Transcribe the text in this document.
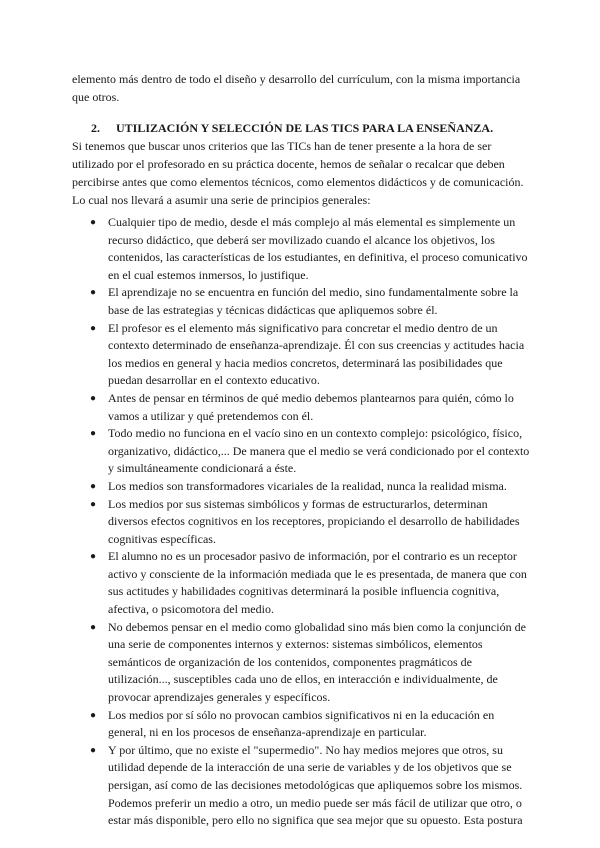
elemento más dentro de todo el diseño y desarrollo del currículum, con la misma importancia que otros.

2. UTILIZACIÓN Y SELECCIÓN DE LAS TICS PARA LA ENSEÑANZA.

Si tenemos que buscar unos criterios que las TICs han de tener presente a la hora de ser utilizado por el profesorado en su práctica docente, hemos de señalar o recalcar que deben percibirse antes que como elementos técnicos, como elementos didácticos y de comunicación. Lo cual nos llevará a asumir una serie de principios generales:

● Cualquier tipo de medio, desde el más complejo al más elemental es simplemente un recurso didáctico, que deberá ser movilizado cuando el alcance los objetivos, los contenidos, las características de los estudiantes, en definitiva, el proceso comunicativo en el cual estemos inmersos, lo justifique.
● El aprendizaje no se encuentra en función del medio, sino fundamentalmente sobre la base de las estrategias y técnicas didácticas que apliquemos sobre él.
● El profesor es el elemento más significativo para concretar el medio dentro de un contexto determinado de enseñanza-aprendizaje. Él con sus creencias y actitudes hacia los medios en general y hacia medios concretos, determinará las posibilidades que puedan desarrollar en el contexto educativo.
● Antes de pensar en términos de qué medio debemos plantearnos para quién, cómo lo vamos a utilizar y qué pretendemos con él.
● Todo medio no funciona en el vacío sino en un contexto complejo: psicológico, físico, organizativo, didáctico,... De manera que el medio se verá condicionado por el contexto y simultáneamente condicionará a éste.
● Los medios son transformadores vicariales de la realidad, nunca la realidad misma.
● Los medios por sus sistemas simbólicos y formas de estructurarlos, determinan diversos efectos cognitivos en los receptores, propiciando el desarrollo de habilidades cognitivas específicas.
● El alumno no es un procesador pasivo de información, por el contrario es un receptor activo y consciente de la información mediada que le es presentada, de manera que con sus actitudes y habilidades cognitivas determinará la posible influencia cognitiva, afectiva, o psicomotora del medio.
● No debemos pensar en el medio como globalidad sino más bien como la conjunción de una serie de componentes internos y externos: sistemas simbólicos, elementos semánticos de organización de los contenidos, componentes pragmáticos de utilización..., susceptibles cada uno de ellos, en interacción e individualmente, de provocar aprendizajes generales y específicos.
● Los medios por sí sólo no provocan cambios significativos ni en la educación en general, ni en los procesos de enseñanza-aprendizaje en particular.
● Y por último, que no existe el "supermedio". No hay medios mejores que otros, su utilidad depende de la interacción de una serie de variables y de los objetivos que se persigan, así como de las decisiones metodológicas que apliquemos sobre los mismos. Podemos preferir un medio a otro, un medio puede ser más fácil de utilizar que otro, o estar más disponible, pero ello no significa que sea mejor que su opuesto. Esta postura
